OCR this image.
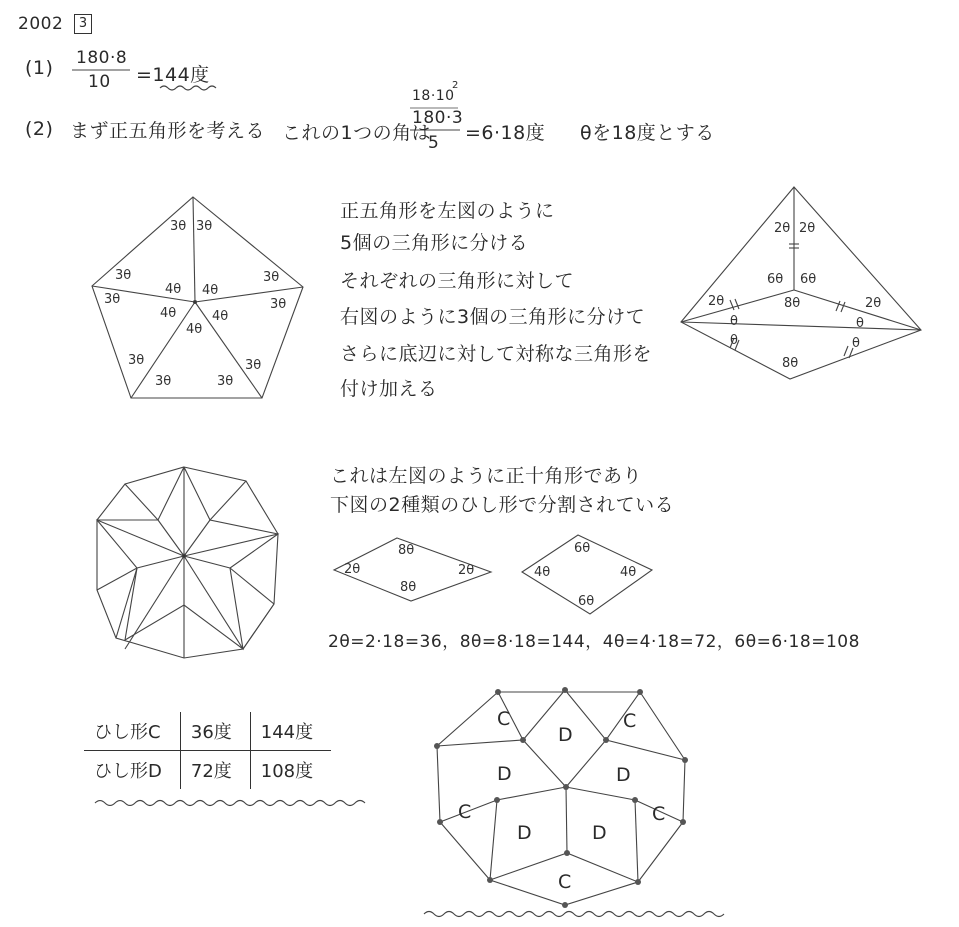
2002	3
(1) 180·8
10 =144度
(2) まず正五角形を考える これの1つの角は
18·10
2
180·3
5 =6·18度 θを18度とする
正五角形を左図のように
5個の三角形に分ける
それぞれの三角形に対して
右図のように3個の三角形に分けて
さらに底辺に対して対称な三角形を
付け加える
3θ 3θ
3θ	3θ
3θ	3θ
4θ 4θ
4θ	4θ
4θ
3θ	3θ
3θ	3θ
2θ 2θ
6θ 6θ
2θ	8θ	2θ
θ	θ
θ	θ
8θ
これは左図のように正十角形であり
下図の2種類のひし形で分割されている
8θ
2θ	2θ
8θ
6θ
4θ	4θ
6θ
2θ=2·18=36，8θ=8·18=144，4θ=4·18=72，6θ=6·18=108
ひし形C	36度	144度
ひし形D	72度	108度
C
D
C
D	D
C	C
D	D
C
